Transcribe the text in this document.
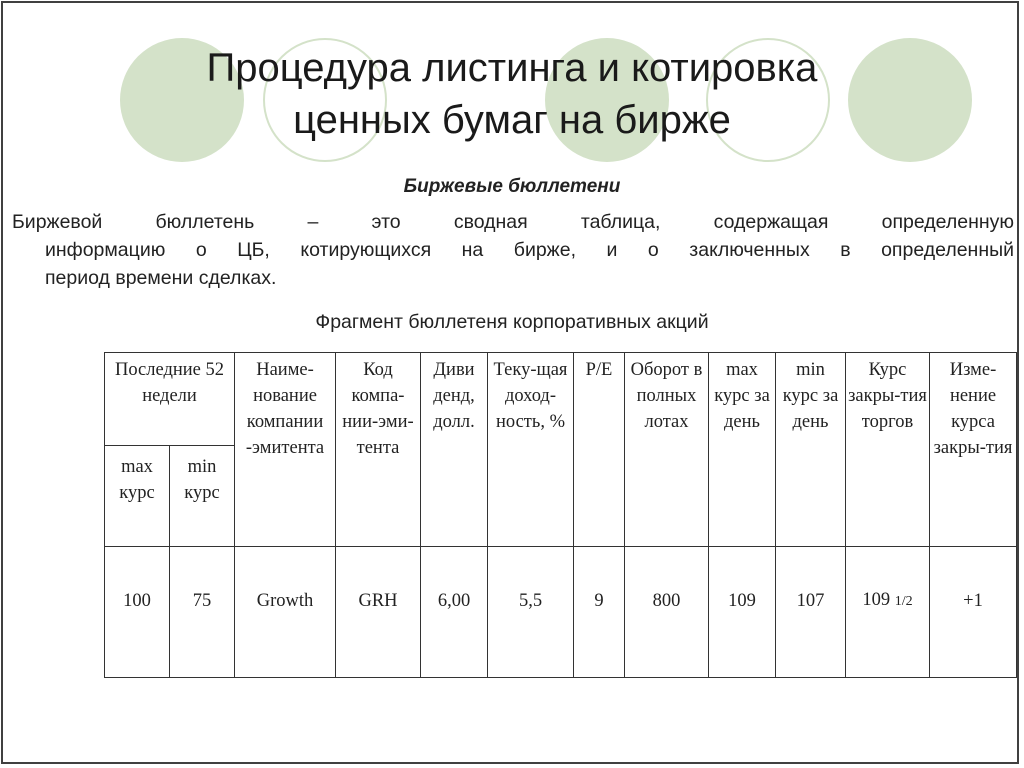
Процедура листинга и котировка
ценных бумаг на бирже
Биржевые бюллетени
Биржевой бюллетень – это сводная таблица, содержащая определенную
информацию о ЦБ, котирующихся на бирже, и о заключенных в определенный
период времени сделках.
Фрагмент бюллетеня корпоративных акций
Последние 52 недели		Наиме-нование компании -эмитента	Код компа-нии-эми-тента	Диви денд, долл.	Теку-щая доход-ность, %	P/E	Оборот в полных лотах	max курс за день	min курс за день	Курс закры-тия торгов	Изме-нение курса закры-тия
max курс	min курс										
100	75	Growth	GRH	6,00	5,5	9	800	109	107	109 1/2	+1
